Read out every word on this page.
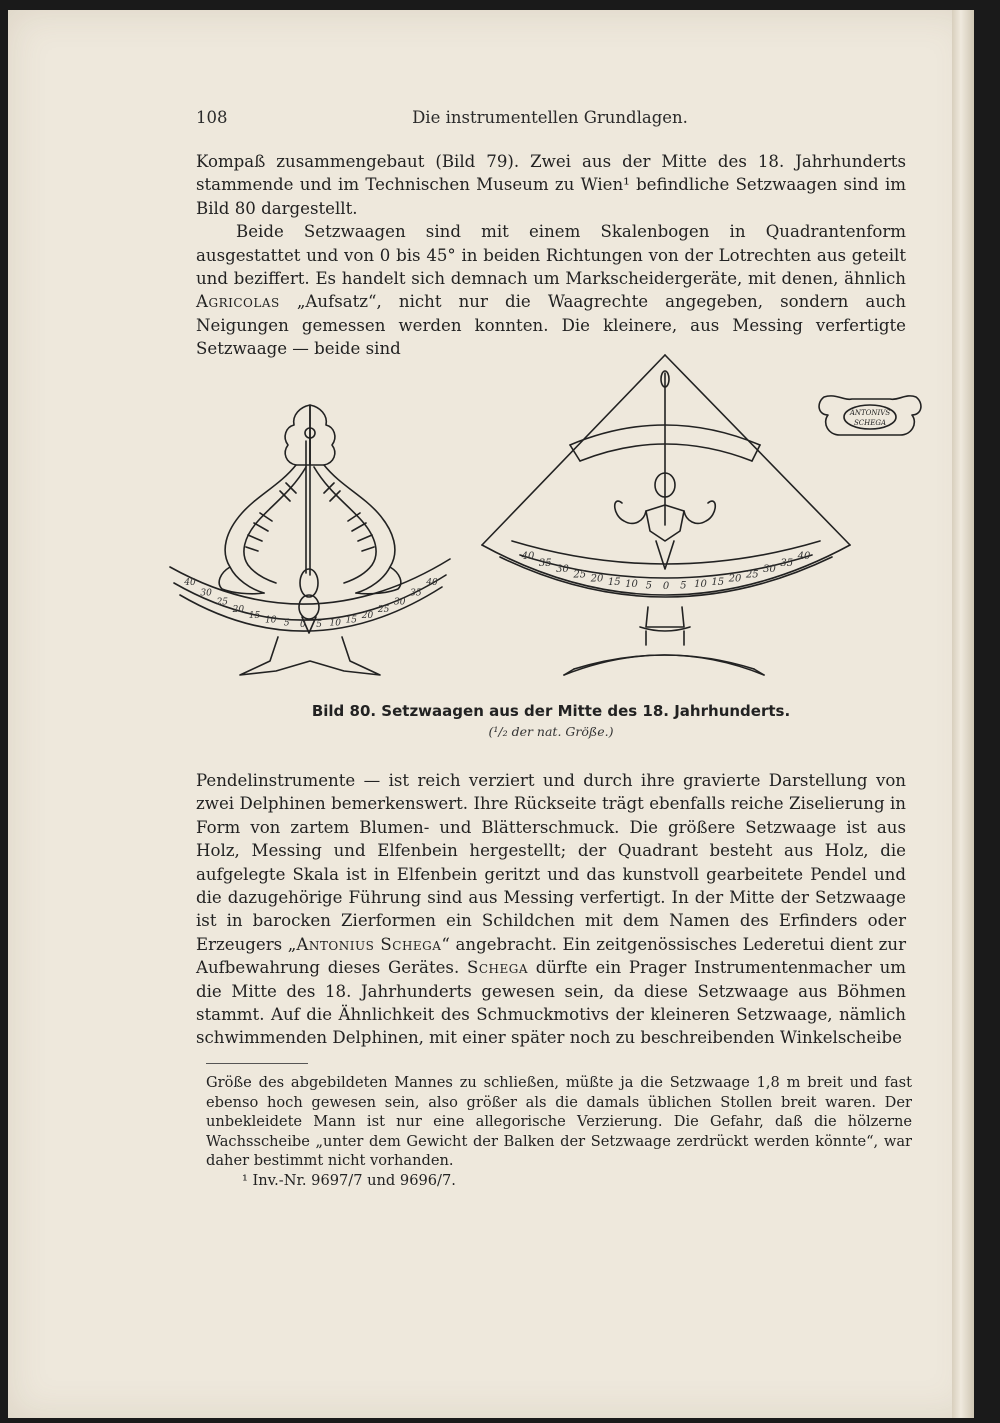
108	Die instrumentellen Grundlagen.

Kompaß zusammengebaut (Bild 79). Zwei aus der Mitte des 18. Jahrhunderts stammende und im Technischen Museum zu Wien¹ befindliche Setzwaagen sind im Bild 80 dargestellt.

Beide Setzwaagen sind mit einem Skalenbogen in Quadrantenform ausgestattet und von 0 bis 45° in beiden Richtungen von der Lotrechten aus geteilt und beziffert. Es handelt sich demnach um Markscheidergeräte, mit denen, ähnlich Agricolas „Aufsatz“, nicht nur die Waagrechte angegeben, sondern auch Neigungen gemessen werden konnten. Die kleinere, aus Messing verfertigte Setzwaage — beide sind

40
30
25
20
15 10 5 0 5 10 15 20
25
30
35
40
40
35
30 25 20 15 10 5 0 5 10 15 20 25 30
35
40
ANTONIVS
SCHEGA
Bild 80. Setzwaagen aus der Mitte des 18. Jahrhunderts.
(¹/₂ der nat. Größe.)

Pendelinstrumente — ist reich verziert und durch ihre gravierte Darstellung von zwei Delphinen bemerkenswert. Ihre Rückseite trägt ebenfalls reiche Ziselierung in Form von zartem Blumen- und Blätterschmuck. Die größere Setzwaage ist aus Holz, Messing und Elfenbein hergestellt; der Quadrant besteht aus Holz, die aufgelegte Skala ist in Elfenbein geritzt und das kunstvoll gearbeitete Pendel und die dazugehörige Führung sind aus Messing verfertigt. In der Mitte der Setzwaage ist in barocken Zierformen ein Schildchen mit dem Namen des Erfinders oder Erzeugers „Antonius Schega“ angebracht. Ein zeitgenössisches Lederetui dient zur Aufbewahrung dieses Gerätes. Schega dürfte ein Prager Instrumentenmacher um die Mitte des 18. Jahrhunderts gewesen sein, da diese Setzwaage aus Böhmen stammt. Auf die Ähnlichkeit des Schmuckmotivs der kleineren Setzwaage, nämlich schwimmenden Delphinen, mit einer später noch zu beschreibenden Winkelscheibe

Größe des abgebildeten Mannes zu schließen, müßte ja die Setzwaage 1,8 m breit und fast ebenso hoch gewesen sein, also größer als die damals üblichen Stollen breit waren. Der unbekleidete Mann ist nur eine allegorische Verzierung. Die Gefahr, daß die hölzerne Wachsscheibe „unter dem Gewicht der Balken der Setzwaage zerdrückt werden könnte“, war daher bestimmt nicht vorhanden.

¹ Inv.-Nr. 9697/7 und 9696/7.
